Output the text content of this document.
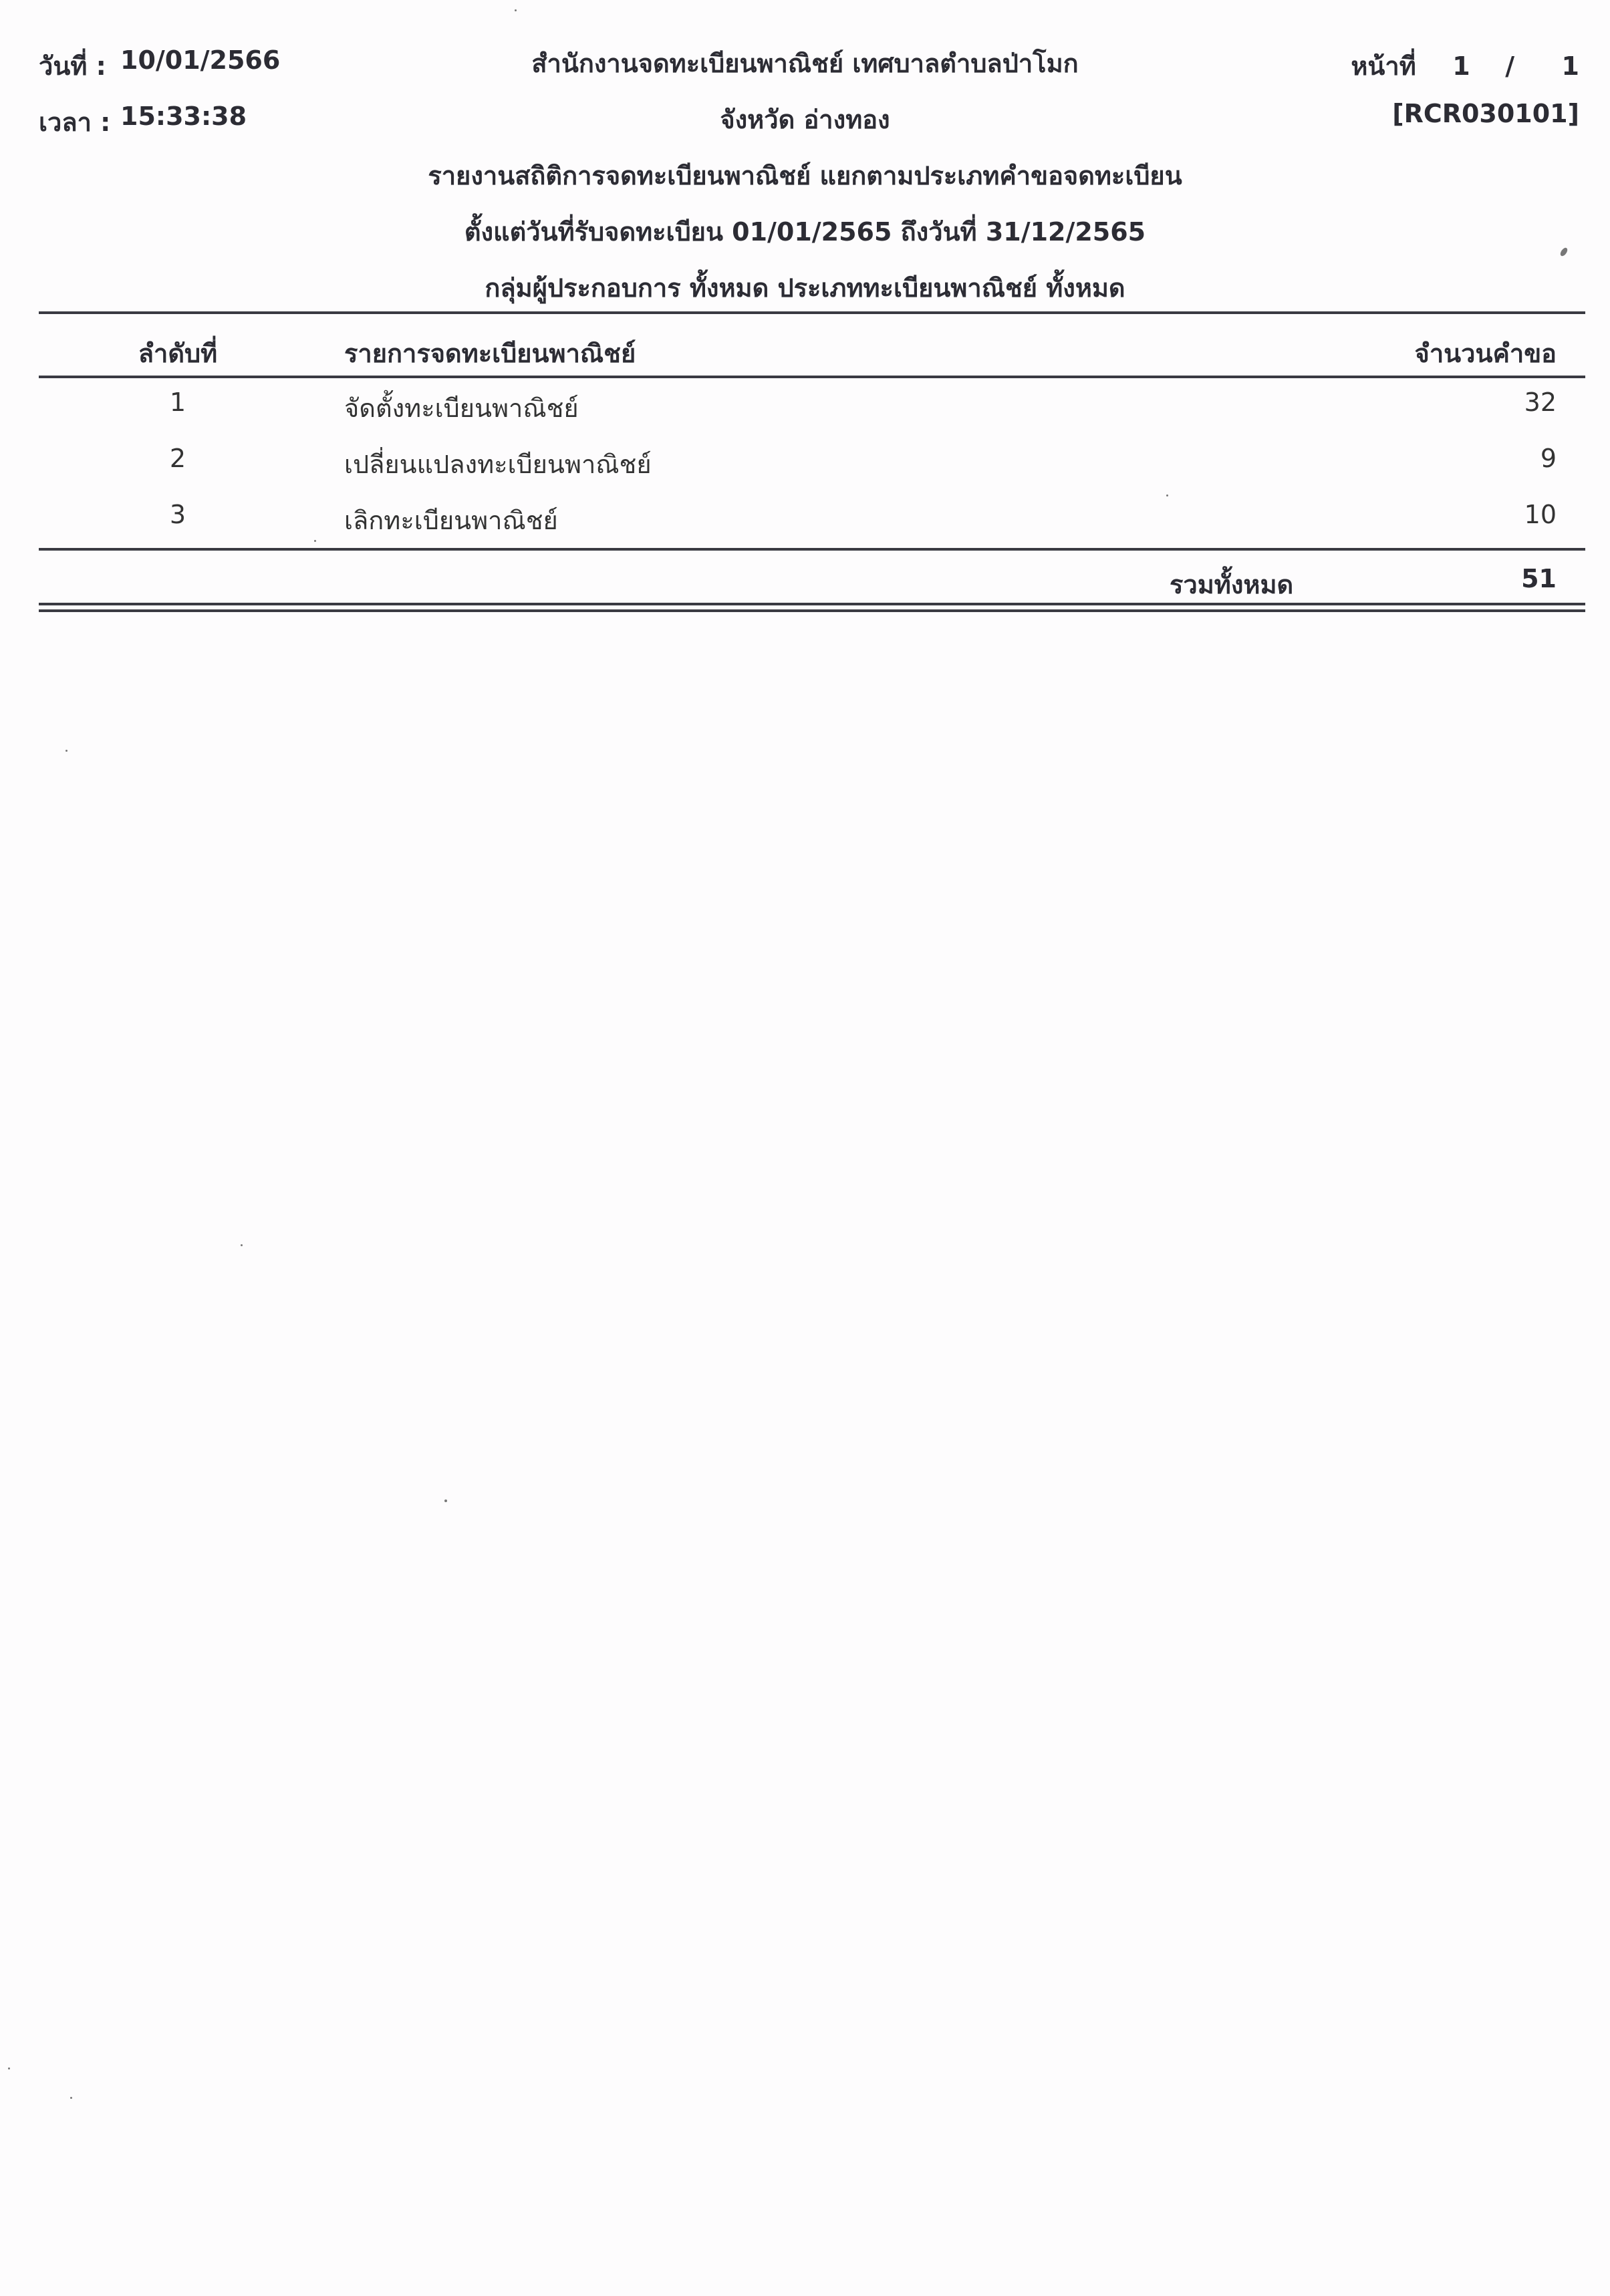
วันที่ : 10/01/2566
เวลา : 15:33:38
สำนักงานจดทะเบียนพาณิชย์ เทศบาลตำบลป่าโมก
จังหวัด อ่างทอง
รายงานสถิติการจดทะเบียนพาณิชย์ แยกตามประเภทคำขอจดทะเบียน
ตั้งแต่วันที่รับจดทะเบียน 01/01/2565 ถึงวันที่ 31/12/2565
กลุ่มผู้ประกอบการ ทั้งหมด ประเภททะเบียนพาณิชย์ ทั้งหมด
หน้าที่ 1 / 1
[RCR030101]
ลำดับที่	รายการจดทะเบียนพาณิชย์	จำนวนคำขอ
1	จัดตั้งทะเบียนพาณิชย์	32
2	เปลี่ยนแปลงทะเบียนพาณิชย์	9
3	เลิกทะเบียนพาณิชย์	10
รวมทั้งหมด	51
